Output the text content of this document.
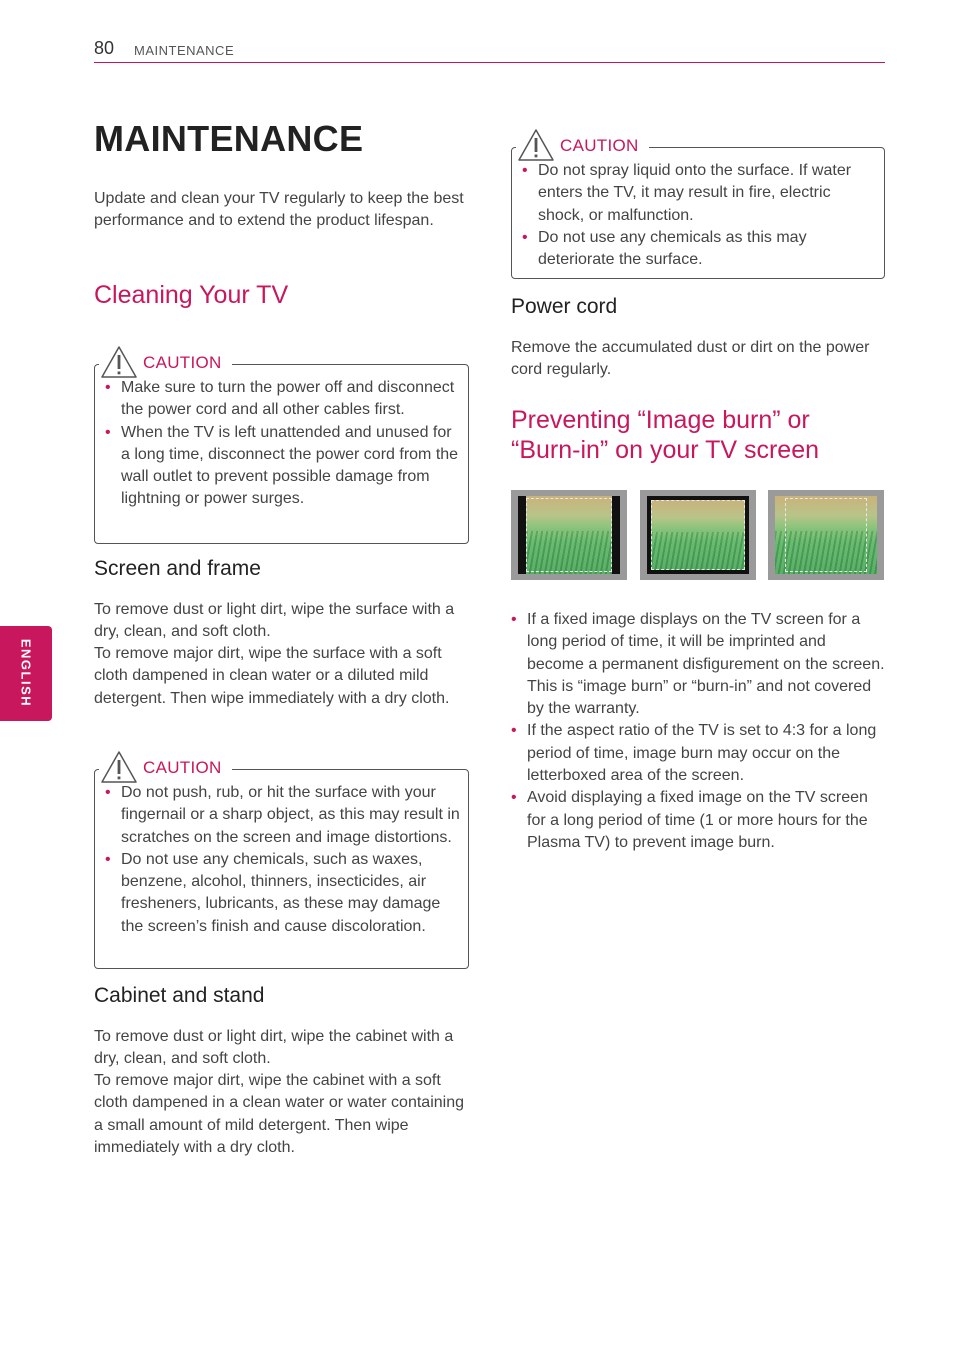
80 MAINTENANCE
ENGLISH
MAINTENANCE

Update and clean your TV regularly to keep the best performance and to extend the product lifespan.

Cleaning Your TV
CAUTION
• Make sure to turn the power off and disconnect the power cord and all other cables first.
• When the TV is left unattended and unused for a long time, disconnect the power cord from the wall outlet to prevent possible damage from lightning or power surges.
Screen and frame

To remove dust or light dirt, wipe the surface with a dry, clean, and soft cloth.

To remove major dirt, wipe the surface with a soft cloth dampened in clean water or a diluted mild detergent. Then wipe immediately with a dry cloth.

CAUTION
• Do not push, rub, or hit the surface with your fingernail or a sharp object, as this may result in scratches on the screen and image distortions.
• Do not use any chemicals, such as waxes, benzene, alcohol, thinners, insecticides, air fresheners, lubricants, as these may damage the screen’s finish and cause discoloration.
Cabinet and stand

To remove dust or light dirt, wipe the cabinet with a dry, clean, and soft cloth.

To remove major dirt, wipe the cabinet with a soft cloth dampened in a clean water or water containing a small amount of mild detergent. Then wipe immediately with a dry cloth.

CAUTION
• Do not spray liquid onto the surface. If water enters the TV, it may result in fire, electric shock, or malfunction.
• Do not use any chemicals as this may deteriorate the surface.
Power cord

Remove the accumulated dust or dirt on the power cord regularly.

Preventing “Image burn” or
“Burn-in” on your TV screen
• If a fixed image displays on the TV screen for a long period of time, it will be imprinted and become a permanent disfigurement on the screen. This is “image burn” or “burn-in” and not covered by the warranty.
• If the aspect ratio of the TV is set to 4:3 for a long period of time, image burn may occur on the letterboxed area of the screen.
• Avoid displaying a fixed image on the TV screen for a long period of time (1 or more hours for the Plasma TV) to prevent image burn.
